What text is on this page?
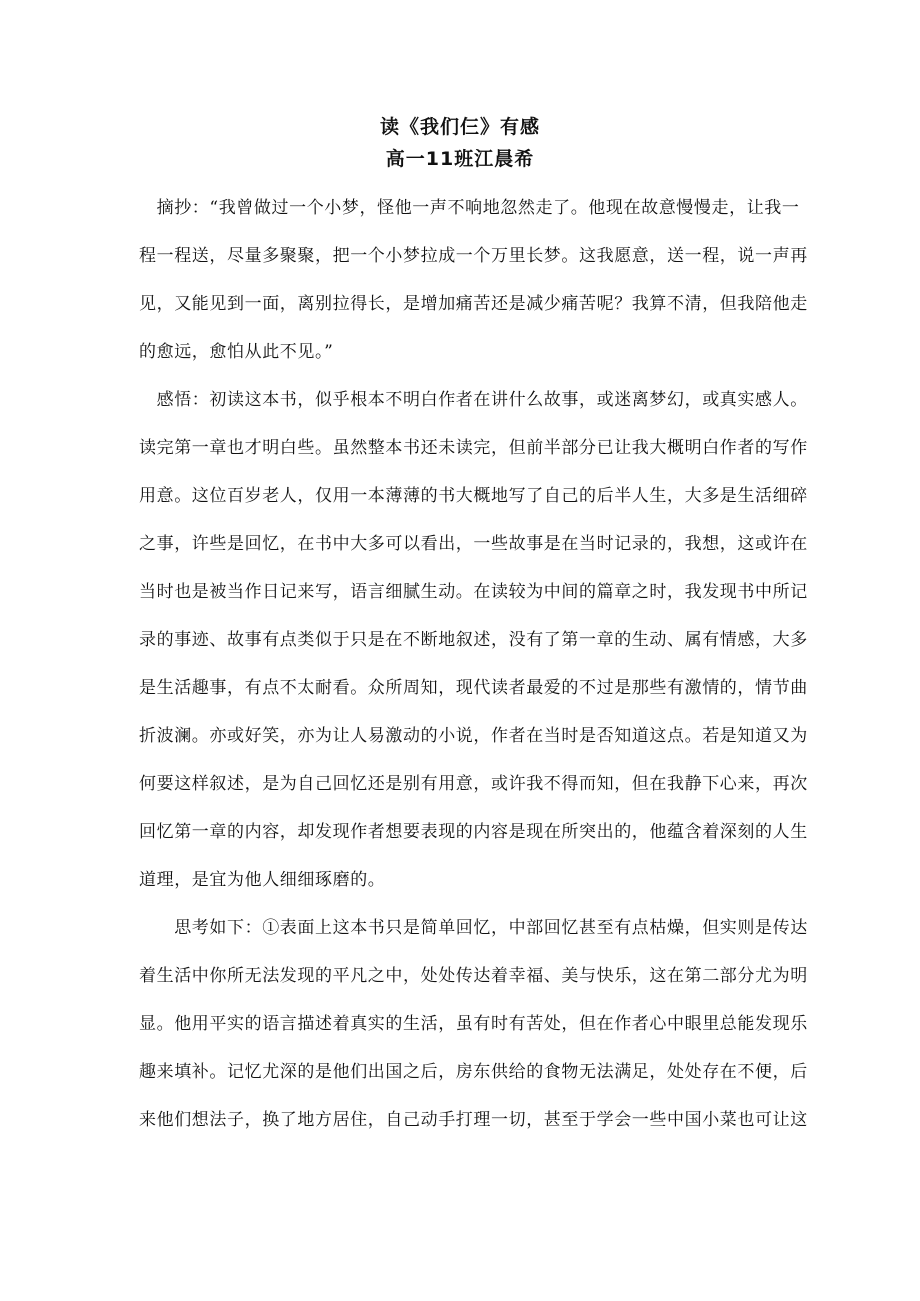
读《我们仨》有感
高一11班江晨希
　摘抄：“我曾做过一个小梦，怪他一声不响地忽然走了。他现在故意慢慢走，让我一
程一程送，尽量多聚聚，把一个小梦拉成一个万里长梦。这我愿意，送一程，说一声再
见，又能见到一面，离别拉得长，是增加痛苦还是减少痛苦呢？我算不清，但我陪他走
的愈远，愈怕从此不见。”
　感悟：初读这本书，似乎根本不明白作者在讲什么故事，或迷离梦幻，或真实感人。
读完第一章也才明白些。虽然整本书还未读完，但前半部分已让我大概明白作者的写作
用意。这位百岁老人，仅用一本薄薄的书大概地写了自己的后半人生，大多是生活细碎
之事，许些是回忆，在书中大多可以看出，一些故事是在当时记录的，我想，这或许在
当时也是被当作日记来写，语言细腻生动。在读较为中间的篇章之时，我发现书中所记
录的事迹、故事有点类似于只是在不断地叙述，没有了第一章的生动、属有情感，大多
是生活趣事，有点不太耐看。众所周知，现代读者最爱的不过是那些有激情的，情节曲
折波澜。亦或好笑，亦为让人易激动的小说，作者在当时是否知道这点。若是知道又为
何要这样叙述，是为自己回忆还是别有用意，或许我不得而知，但在我静下心来，再次
回忆第一章的内容，却发现作者想要表现的内容是现在所突出的，他蕴含着深刻的人生
道理，是宜为他人细细琢磨的。
　　思考如下：①表面上这本书只是简单回忆，中部回忆甚至有点枯燥，但实则是传达
着生活中你所无法发现的平凡之中，处处传达着幸福、美与快乐，这在第二部分尤为明
显。他用平实的语言描述着真实的生活，虽有时有苦处，但在作者心中眼里总能发现乐
趣来填补。记忆尤深的是他们出国之后，房东供给的食物无法满足，处处存在不便，后
来他们想法子，换了地方居住，自己动手打理一切，甚至于学会一些中国小菜也可让这
